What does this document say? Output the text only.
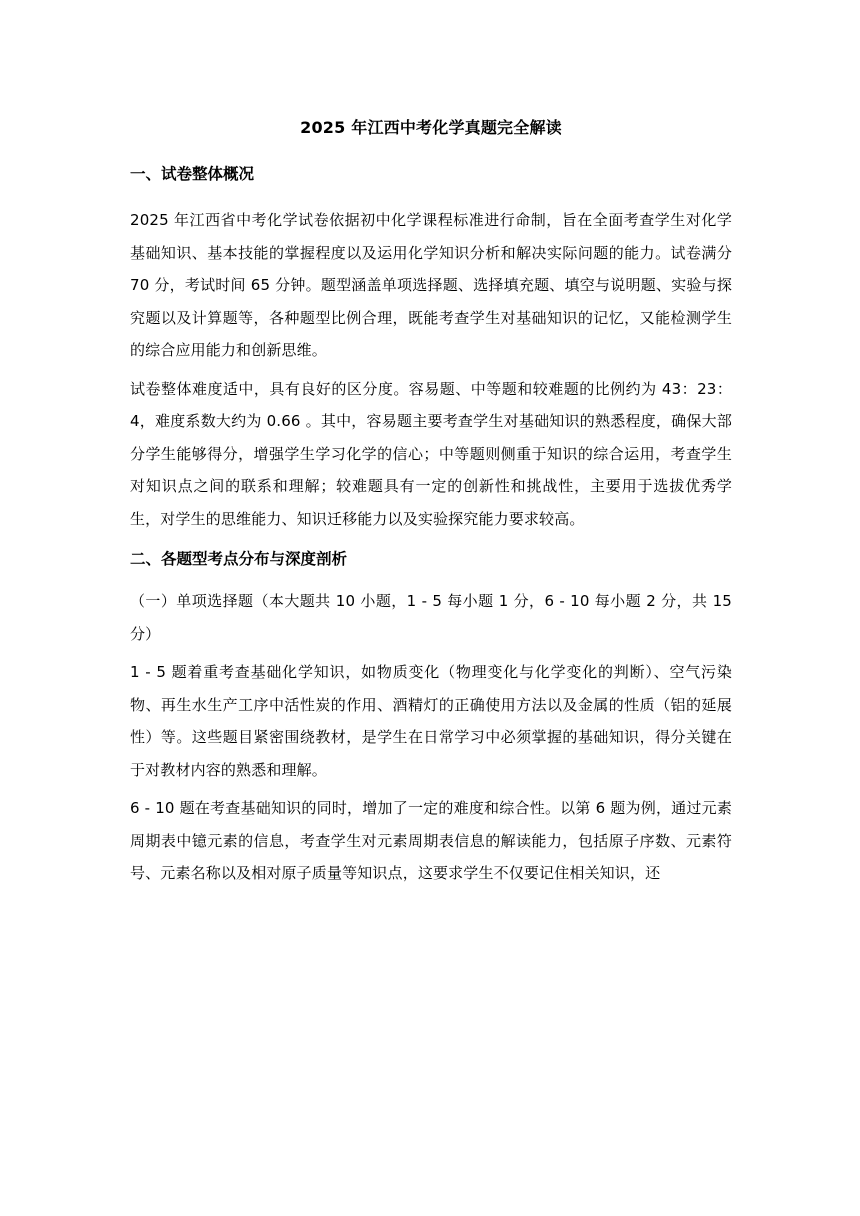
2025 年江西中考化学真题完全解读
一、试卷整体概况

2025 年江西省中考化学试卷依据初中化学课程标准进行命制，旨在全面考查学生对化学基础知识、基本技能的掌握程度以及运用化学知识分析和解决实际问题的能力。试卷满分 70 分，考试时间 65 分钟。题型涵盖单项选择题、选择填充题、填空与说明题、实验与探究题以及计算题等，各种题型比例合理，既能考查学生对基础知识的记忆，又能检测学生的综合应用能力和创新思维。

试卷整体难度适中，具有良好的区分度。容易题、中等题和较难题的比例约为 43：23：4，难度系数大约为 0.66 。其中，容易题主要考查学生对基础知识的熟悉程度，确保大部分学生能够得分，增强学生学习化学的信心；中等题则侧重于知识的综合运用，考查学生对知识点之间的联系和理解；较难题具有一定的创新性和挑战性，主要用于选拔优秀学生，对学生的思维能力、知识迁移能力以及实验探究能力要求较高。

二、各题型考点分布与深度剖析

（一）单项选择题（本大题共 10 小题，1 - 5 每小题 1 分，6 - 10 每小题 2 分，共 15 分）

1 - 5 题着重考查基础化学知识，如物质变化（物理变化与化学变化的判断）、空气污染物、再生水生产工序中活性炭的作用、酒精灯的正确使用方法以及金属的性质（铝的延展性）等。这些题目紧密围绕教材，是学生在日常学习中必须掌握的基础知识，得分关键在于对教材内容的熟悉和理解。

6 - 10 题在考查基础知识的同时，增加了一定的难度和综合性。以第 6 题为例，通过元素周期表中镱元素的信息，考查学生对元素周期表信息的解读能力，包括原子序数、元素符号、元素名称以及相对原子质量等知识点，这要求学生不仅要记住相关知识，还
